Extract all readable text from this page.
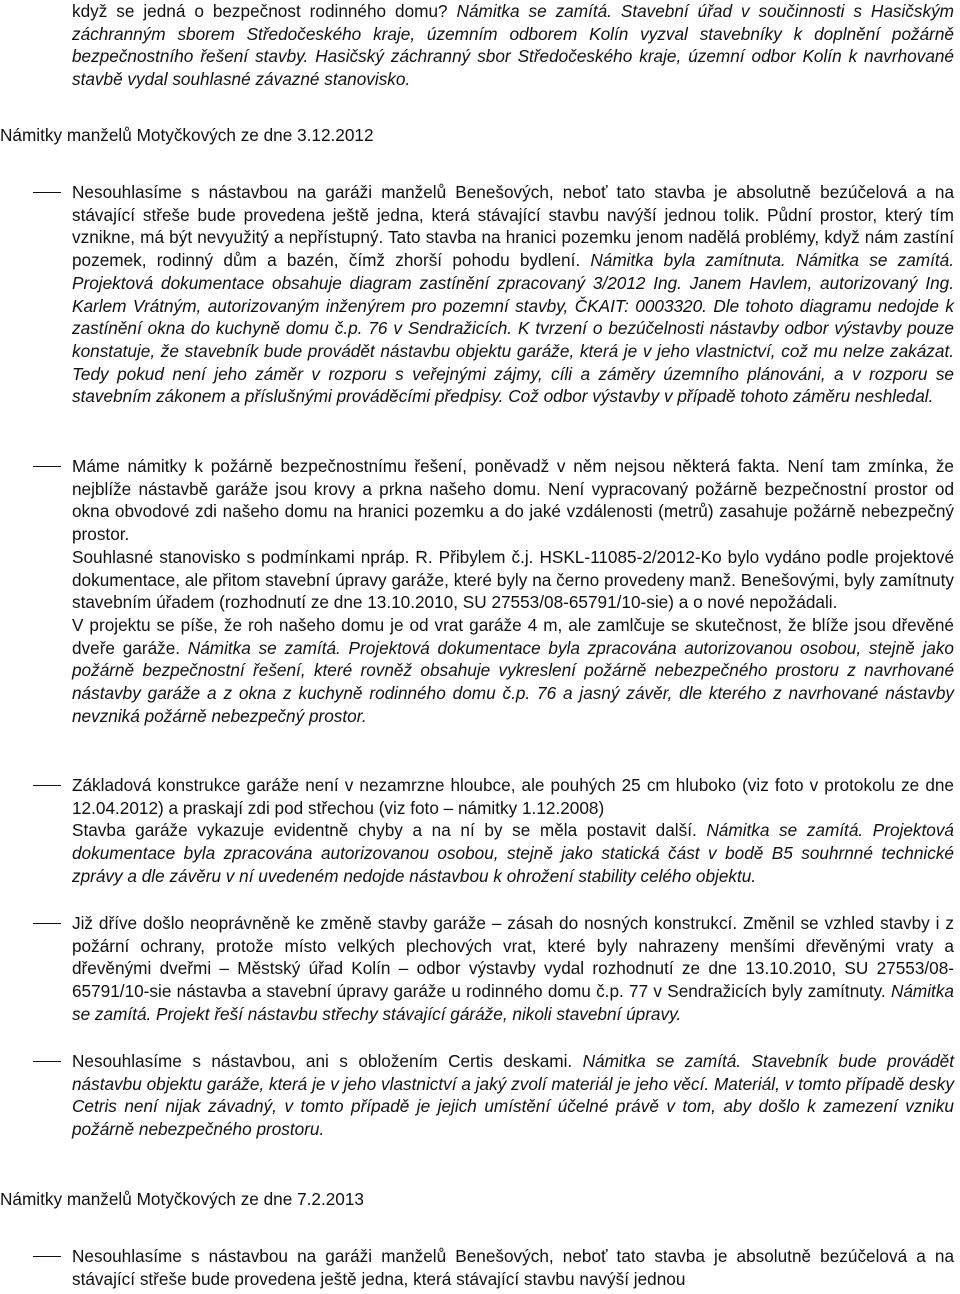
když se jedná o bezpečnost rodinného domu? Námitka se zamítá. Stavební úřad v součinnosti s Hasičským záchranným sborem Středočeského kraje, územním odborem Kolín vyzval stavebníky k doplnění požárně bezpečnostního řešení stavby. Hasičský záchranný sbor Středočeského kraje, územní odbor Kolín k navrhované stavbě vydal souhlasné závazné stanovisko.
Námitky manželů Motyčkových ze dne 3.12.2012

Nesouhlasíme s nástavbou na garáži manželů Benešových, neboť tato stavba je absolutně bezúčelová a na stávající střeše bude provedena ještě jedna, která stávající stavbu navýší jednou tolik. Půdní prostor, který tím vznikne, má být nevyužitý a nepřístupný. Tato stavba na hranici pozemku jenom nadělá problémy, když nám zastíní pozemek, rodinný dům a bazén, čímž zhorší pohodu bydlení. Námitka byla zamítnuta. Námitka se zamítá. Projektová dokumentace obsahuje diagram zastínění zpracovaný 3/2012 Ing. Janem Havlem, autorizovaný Ing. Karlem Vrátným, autorizovaným inženýrem pro pozemní stavby, ČKAIT: 0003320. Dle tohoto diagramu nedojde k zastínění okna do kuchyně domu č.p. 76 v Sendražicích. K tvrzení o bezúčelnosti nástavby odbor výstavby pouze konstatuje, že stavebník bude provádět nástavbu objektu garáže, která je v jeho vlastnictví, což mu nelze zakázat. Tedy pokud není jeho záměr v rozporu s veřejnými zájmy, cíli a záměry územního plánováni, a v rozporu se stavebním zákonem a příslušnými prováděcími předpisy. Což odbor výstavby v případě tohoto záměru neshledal.

Máme námitky k požárně bezpečnostnímu řešení, poněvadž v něm nejsou některá fakta. Není tam zmínka, že nejblíže nástavbě garáže jsou krovy a prkna našeho domu. Není vypracovaný požárně bezpečnostní prostor od okna obvodové zdi našeho domu na hranici pozemku a do jaké vzdálenosti (metrů) zasahuje požárně nebezpečný prostor.

Souhlasné stanovisko s podmínkami npráp. R. Přibylem č.j. HSKL-11085-2/2012-Ko bylo vydáno podle projektové dokumentace, ale přitom stavební úpravy garáže, které byly na černo provedeny manž. Benešovými, byly zamítnuty stavebním úřadem (rozhodnutí ze dne 13.10.2010, SU 27553/08-65791/10-sie) a o nové nepožádali.

V projektu se píše, že roh našeho domu je od vrat garáže 4 m, ale zamlčuje se skutečnost, že blíže jsou dřevěné dveře garáže. Námitka se zamítá. Projektová dokumentace byla zpracována autorizovanou osobou, stejně jako požárně bezpečnostní řešení, které rovněž obsahuje vykreslení požárně nebezpečného prostoru z navrhované nástavby garáže a z okna z kuchyně rodinného domu č.p. 76 a jasný závěr, dle kterého z navrhované nástavby nevzniká požárně nebezpečný prostor.

Základová konstrukce garáže není v nezamrzne hloubce, ale pouhých 25 cm hluboko (viz foto v protokolu ze dne 12.04.2012) a praskají zdi pod střechou (viz foto – námitky 1.12.2008)

Stavba garáže vykazuje evidentně chyby a na ní by se měla postavit další. Námitka se zamítá. Projektová dokumentace byla zpracována autorizovanou osobou, stejně jako statická část v bodě B5 souhrnné technické zprávy a dle závěru v ní uvedeném nedojde nástavbou k ohrožení stability celého objektu.

Již dříve došlo neoprávněně ke změně stavby garáže – zásah do nosných konstrukcí. Změnil se vzhled stavby i z požární ochrany, protože místo velkých plechových vrat, které byly nahrazeny menšími dřevěnými vraty a dřevěnými dveřmi – Městský úřad Kolín – odbor výstavby vydal rozhodnutí ze dne 13.10.2010, SU 27553/08-65791/10-sie nástavba a stavební úpravy garáže u rodinného domu č.p. 77 v Sendražicích byly zamítnuty. Námitka se zamítá. Projekt řeší nástavbu střechy stávající gáráže, nikoli stavební úpravy.

Nesouhlasíme s nástavbou, ani s obložením Certis deskami. Námitka se zamítá. Stavebník bude provádět nástavbu objektu garáže, která je v jeho vlastnictví a jaký zvolí materiál je jeho věcí. Materiál, v tomto případě desky Cetris není nijak závadný, v tomto případě je jejich umístění účelné právě v tom, aby došlo k zamezení vzniku požárně nebezpečného prostoru.

Námitky manželů Motyčkových ze dne 7.2.2013

Nesouhlasíme s nástavbou na garáži manželů Benešových, neboť tato stavba je absolutně bezúčelová a na stávající střeše bude provedena ještě jedna, která stávající stavbu navýší jednou
